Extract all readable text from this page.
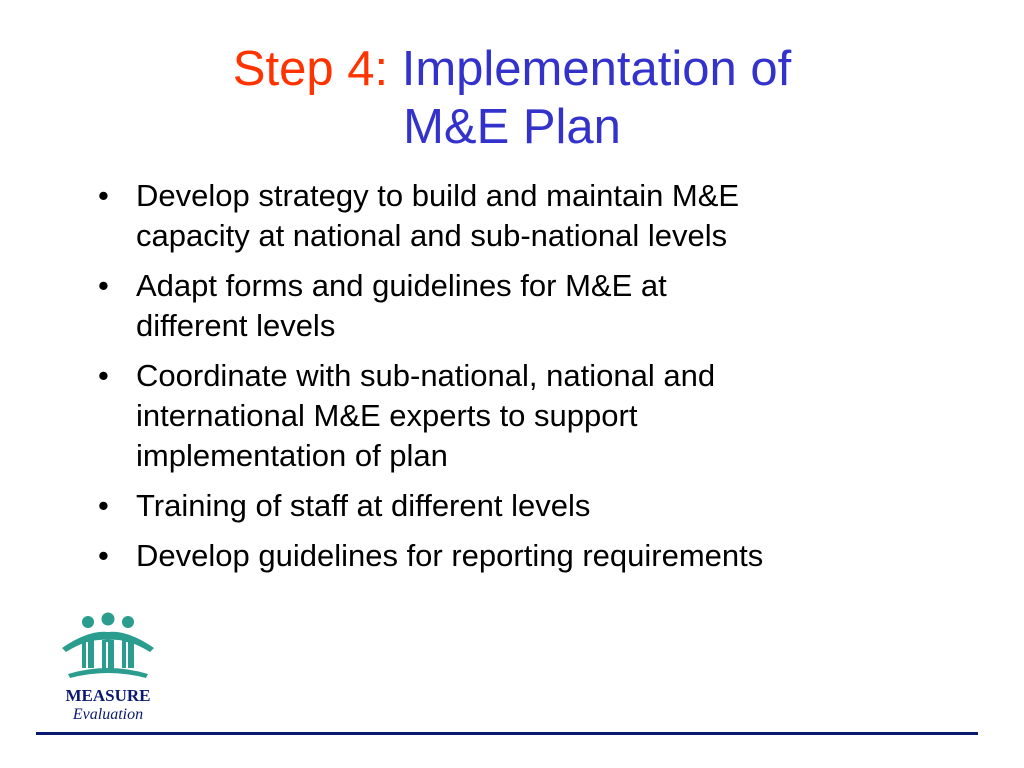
Step 4: Implementation of
M&E Plan
• Develop strategy to build and maintain M&E
capacity at national and sub-national levels
• Adapt forms and guidelines for M&E at
different levels
• Coordinate with sub-national, national and
international M&E experts to support
implementation of plan
• Training of staff at different levels
• Develop guidelines for reporting requirements
MEASURE
Evaluation
